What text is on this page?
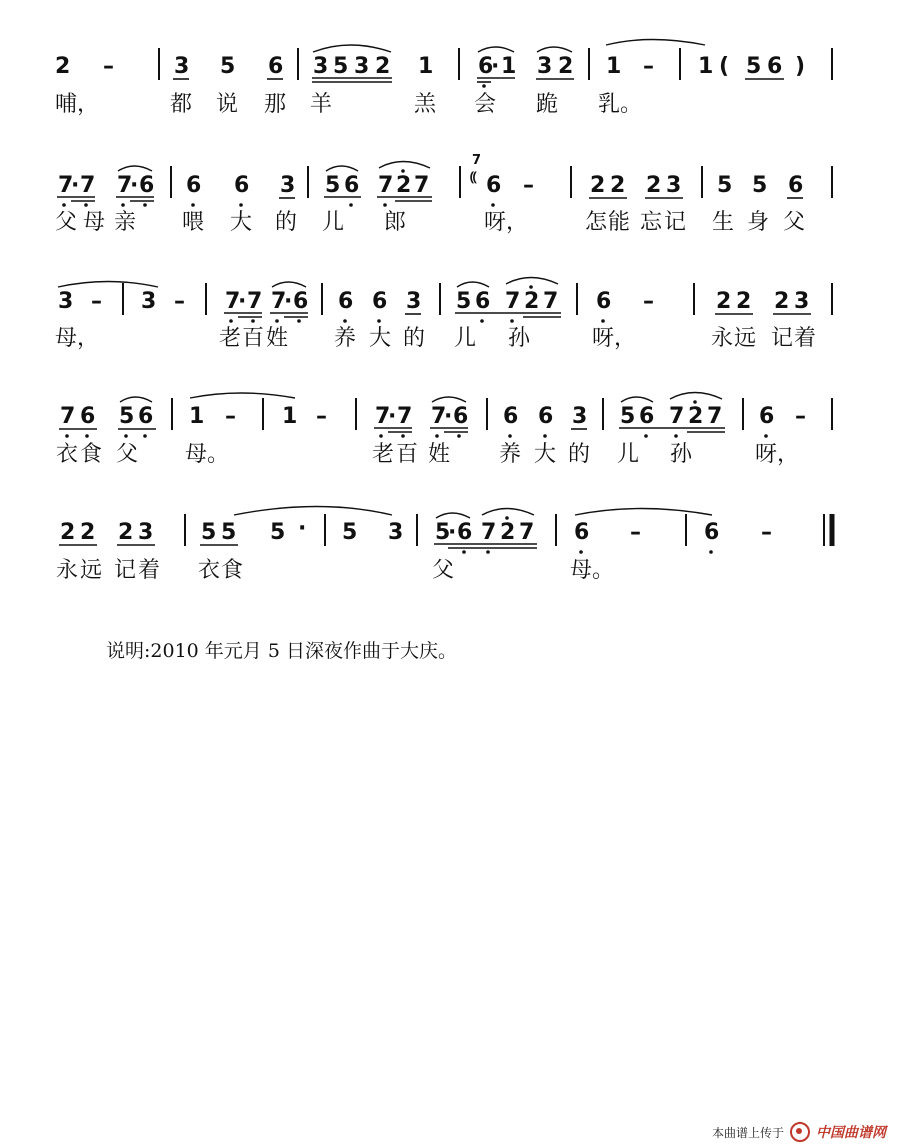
2 –	3 5 6 3 5 3 2 1 6
· 1 3 2 1 – 1 ( 5 6 )
7
· 7 7
· 6 6 6 3 5 6 7 2 7
7
⸨ 6 –	2 2 2 3 5 5 6
3 – 3 – 7
· 7 7
· 6 6 6 3 5 6 7 2 7 6 –	2 2 2 3
7 6 5 6 1 – 1 – 7
· 7 7
· 6 6 6 3 5 6 7 2 7 6 –
2 2 2 3 5 5 5 · 5 3 5
· 6 7 2 7 6 –	6 –
哺，	都 说 那 羊	羔 会 跪 乳。
父 母 亲 喂 大 的 儿 郎	呀，	怎 能 忘 记 生 身 父
母，	老 百 姓 养 大 的 儿 孙	呀，	永 远 记 着
衣 食 父 母。	老 百 姓 养 大 的 儿 孙	呀，
永 远 记 着 衣 食	父	母。
说明:2010 年元月 5 日深夜作曲于大庆。
本曲谱上传于 中国曲谱网
